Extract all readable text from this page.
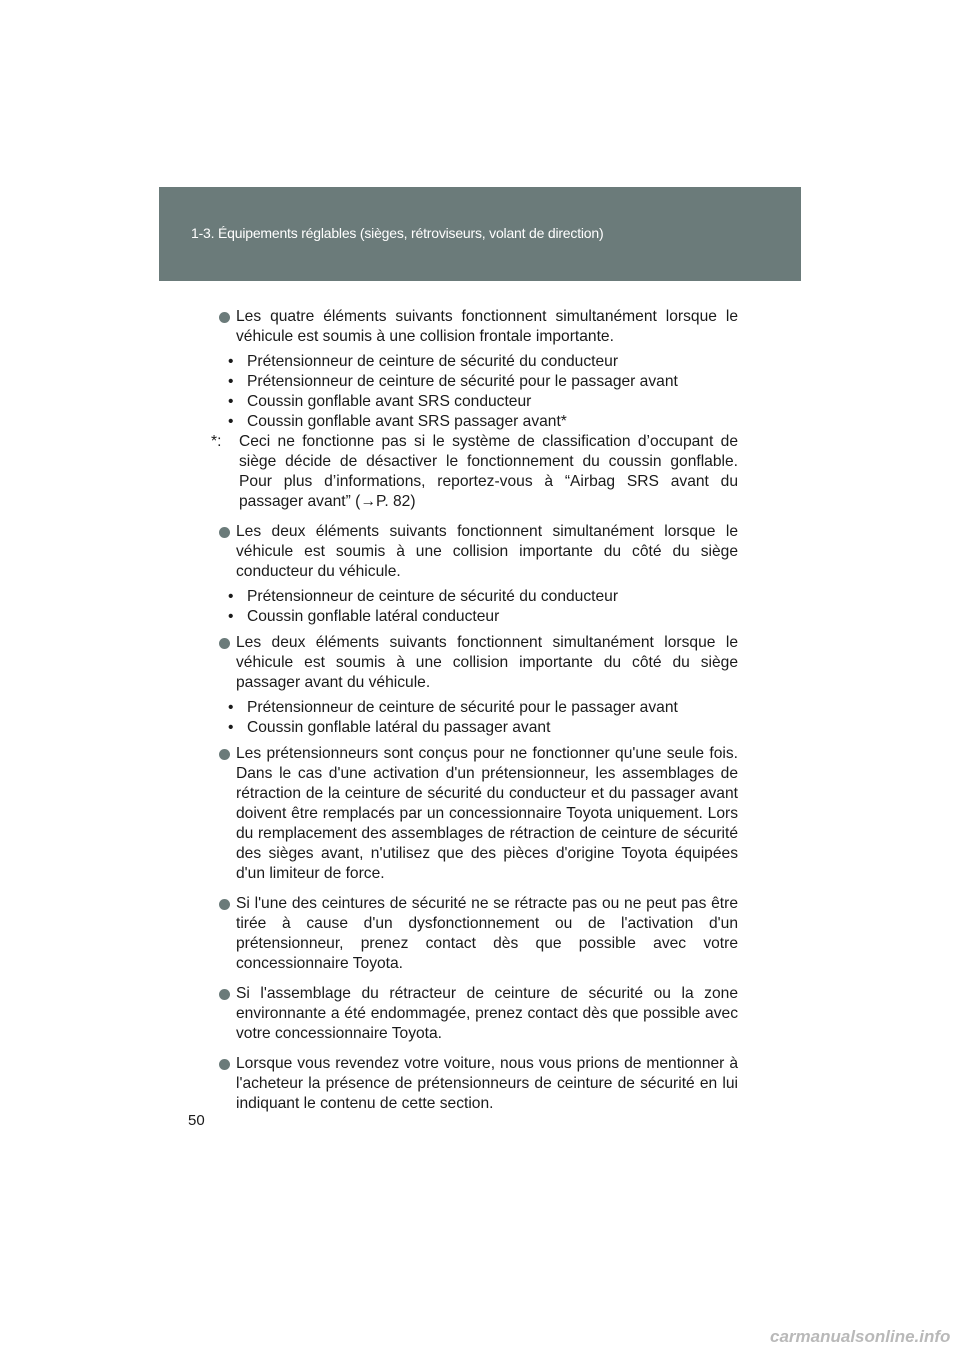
1-3. Équipements réglables (sièges, rétroviseurs, volant de direction)
Les quatre éléments suivants fonctionnent simultanément lorsque le véhicule est soumis à une collision frontale importante.
• Prétensionneur de ceinture de sécurité du conducteur
• Prétensionneur de ceinture de sécurité pour le passager avant
• Coussin gonflable avant SRS conducteur
• Coussin gonflable avant SRS passager avant*
*: Ceci ne fonctionne pas si le système de classification d’occupant de siège décide de désactiver le fonctionnement du coussin gonflable. Pour plus d’informations, reportez-vous à “Airbag SRS avant du passager avant” (→P. 82)
Les deux éléments suivants fonctionnent simultanément lorsque le véhicule est soumis à une collision importante du côté du siège conducteur du véhicule.
• Prétensionneur de ceinture de sécurité du conducteur
• Coussin gonflable latéral conducteur
Les deux éléments suivants fonctionnent simultanément lorsque le véhicule est soumis à une collision importante du côté du siège passager avant du véhicule.
• Prétensionneur de ceinture de sécurité pour le passager avant
• Coussin gonflable latéral du passager avant
Les prétensionneurs sont conçus pour ne fonctionner qu'une seule fois. Dans le cas d'une activation d'un prétensionneur, les assemblages de rétraction de la ceinture de sécurité du conducteur et du passager avant doivent être remplacés par un concessionnaire Toyota uniquement. Lors du remplacement des assemblages de rétraction de ceinture de sécurité des sièges avant, n'utilisez que des pièces d'origine Toyota équipées d'un limiteur de force.
Si l'une des ceintures de sécurité ne se rétracte pas ou ne peut pas être tirée à cause d'un dysfonctionnement ou de l'activation d'un prétensionneur, prenez contact dès que possible avec votre concessionnaire Toyota.
Si l'assemblage du rétracteur de ceinture de sécurité ou la zone environnante a été endommagée, prenez contact dès que possible avec votre concessionnaire Toyota.
Lorsque vous revendez votre voiture, nous vous prions de mentionner à l'acheteur la présence de prétensionneurs de ceinture de sécurité en lui indiquant le contenu de cette section.
50
carmanualsonline.info
